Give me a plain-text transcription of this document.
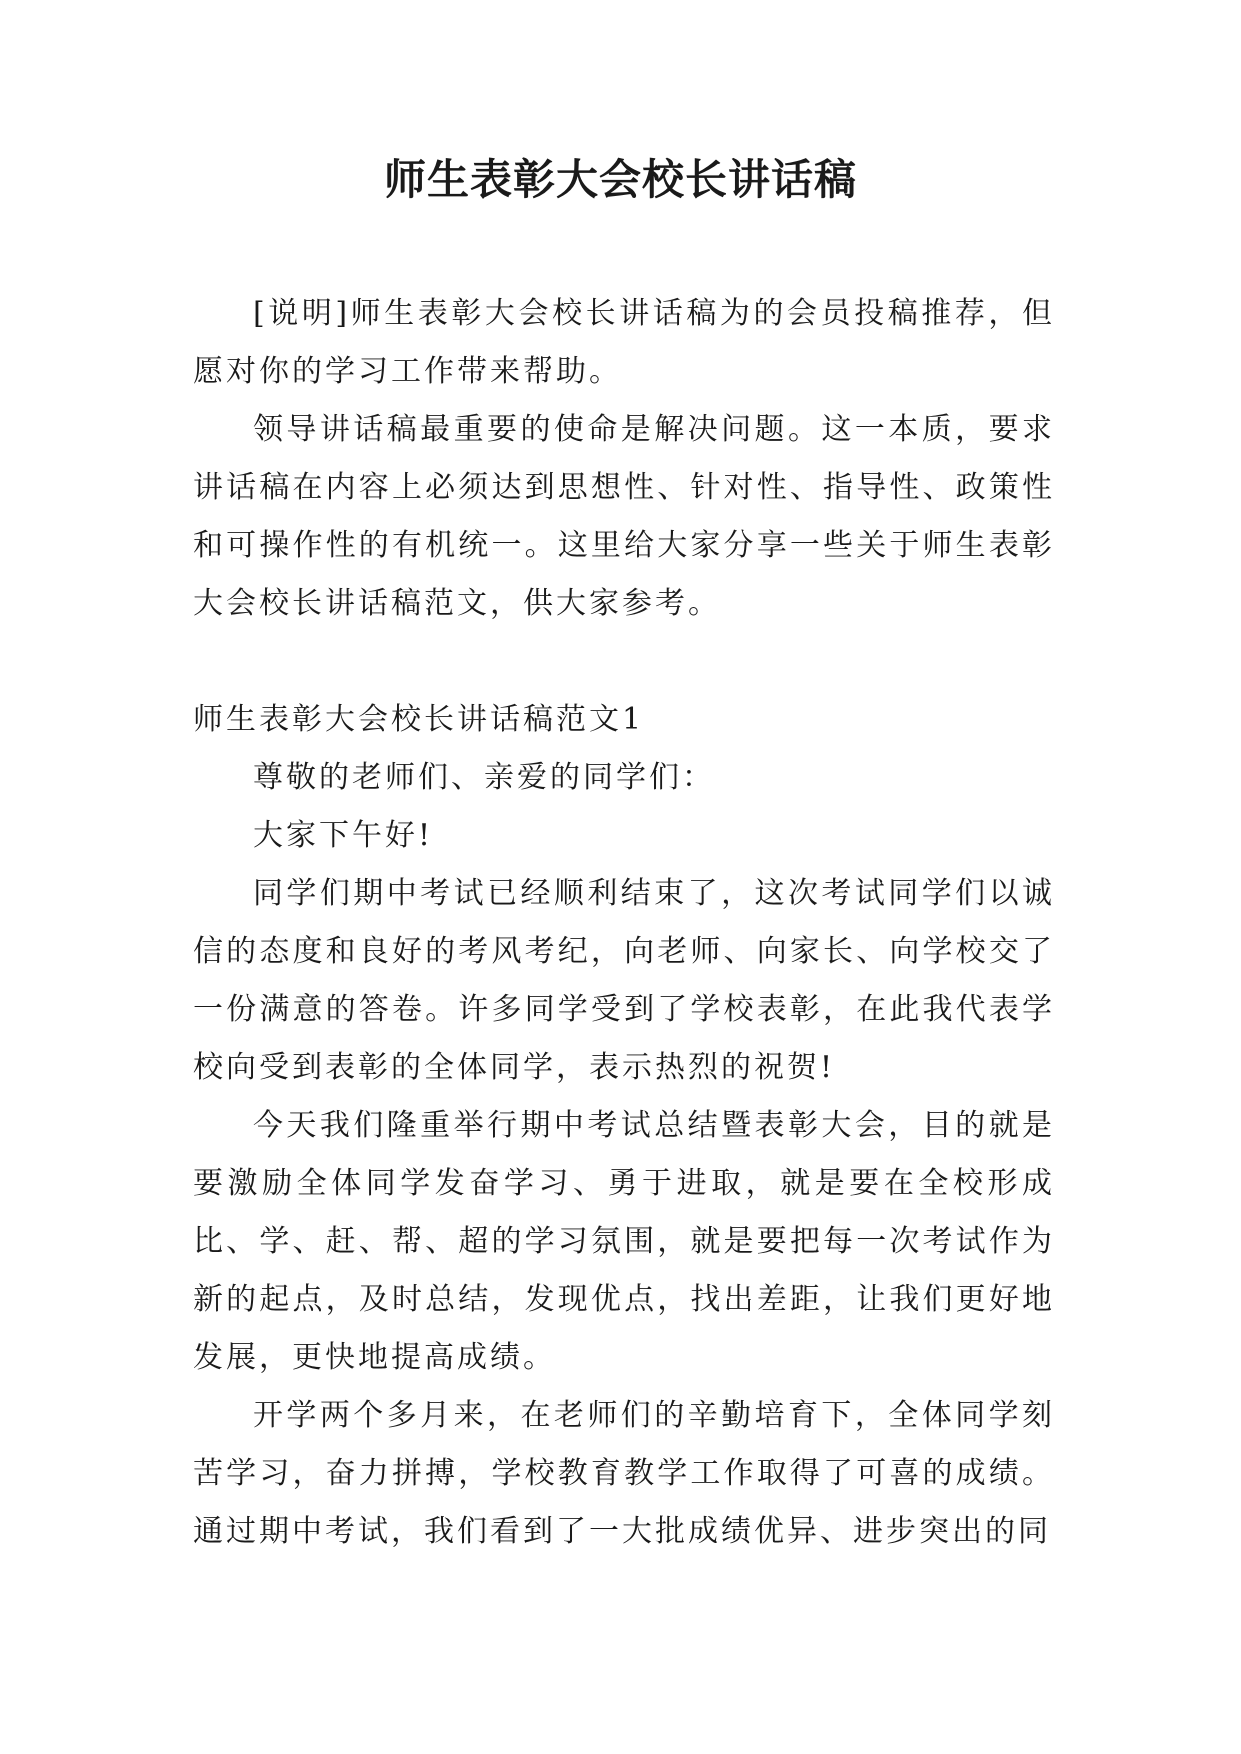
师生表彰大会校长讲话稿

[说明]师生表彰大会校长讲话稿为的会员投稿推荐，但愿对你的学习工作带来帮助。

领导讲话稿最重要的使命是解决问题。这一本质，要求讲话稿在内容上必须达到思想性、针对性、指导性、政策性和可操作性的有机统一。这里给大家分享一些关于师生表彰大会校长讲话稿范文，供大家参考。

师生表彰大会校长讲话稿范文1

尊敬的老师们、亲爱的同学们：

大家下午好!

同学们期中考试已经顺利结束了，这次考试同学们以诚信的态度和良好的考风考纪，向老师、向家长、向学校交了一份满意的答卷。许多同学受到了学校表彰，在此我代表学校向受到表彰的全体同学，表示热烈的祝贺!

今天我们隆重举行期中考试总结暨表彰大会，目的就是要激励全体同学发奋学习、勇于进取，就是要在全校形成比、学、赶、帮、超的学习氛围，就是要把每一次考试作为新的起点，及时总结，发现优点，找出差距，让我们更好地发展，更快地提高成绩。

开学两个多月来，在老师们的辛勤培育下，全体同学刻苦学习，奋力拼搏，学校教育教学工作取得了可喜的成绩。通过期中考试，我们看到了一大批成绩优异、进步突出的同
